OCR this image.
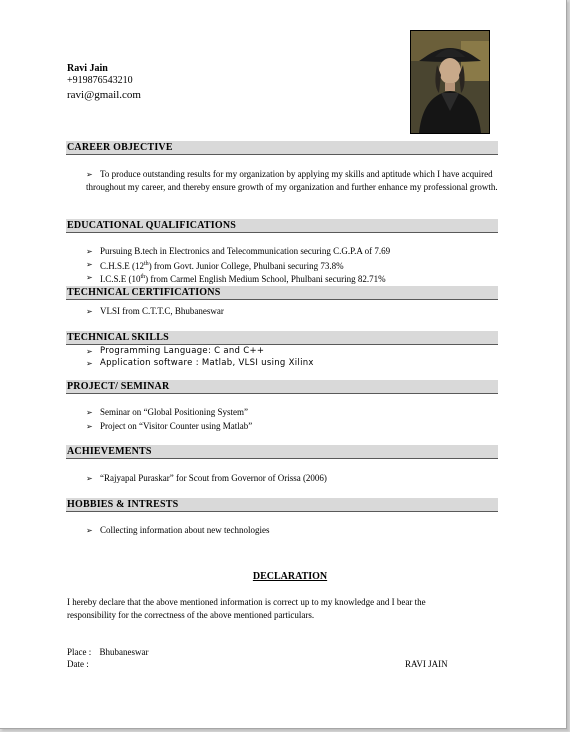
Ravi Jain
+919876543210
ravi@gmail.com
CAREER OBJECTIVE
➢ To produce outstanding results for my organization by applying my skills and aptitude which I have acquired throughout my career, and thereby ensure growth of my organization and further enhance my professional growth.
EDUCATIONAL QUALIFICATIONS
➢ Pursuing B.tech in Electronics and Telecommunication securing C.G.P.A of 7.69
➢ C.H.S.E (12th) from Govt. Junior College, Phulbani securing 73.8%
➢ I.C.S.E (10th) from Carmel English Medium School, Phulbani securing 82.71%
TECHNICAL CERTIFICATIONS
➢ VLSI from C.T.T.C, Bhubaneswar
TECHNICAL SKILLS
➢ Programming Language: C and C++
➢ Application software : Matlab, VLSI using Xilinx
PROJECT/ SEMINAR
➢ Seminar on “Global Positioning System”
➢ Project on “Visitor Counter using Matlab”
ACHIEVEMENTS
➢ “Rajyapal Puraskar” for Scout from Governor of Orissa (2006)
HOBBIES & INTRESTS
➢ Collecting information about new technologies
DECLARATION
I hereby declare that the above mentioned information is correct up to my knowledge and I bear the responsibility for the correctness of the above mentioned particulars.
Place : Bhubaneswar
Date :	RAVI JAIN
